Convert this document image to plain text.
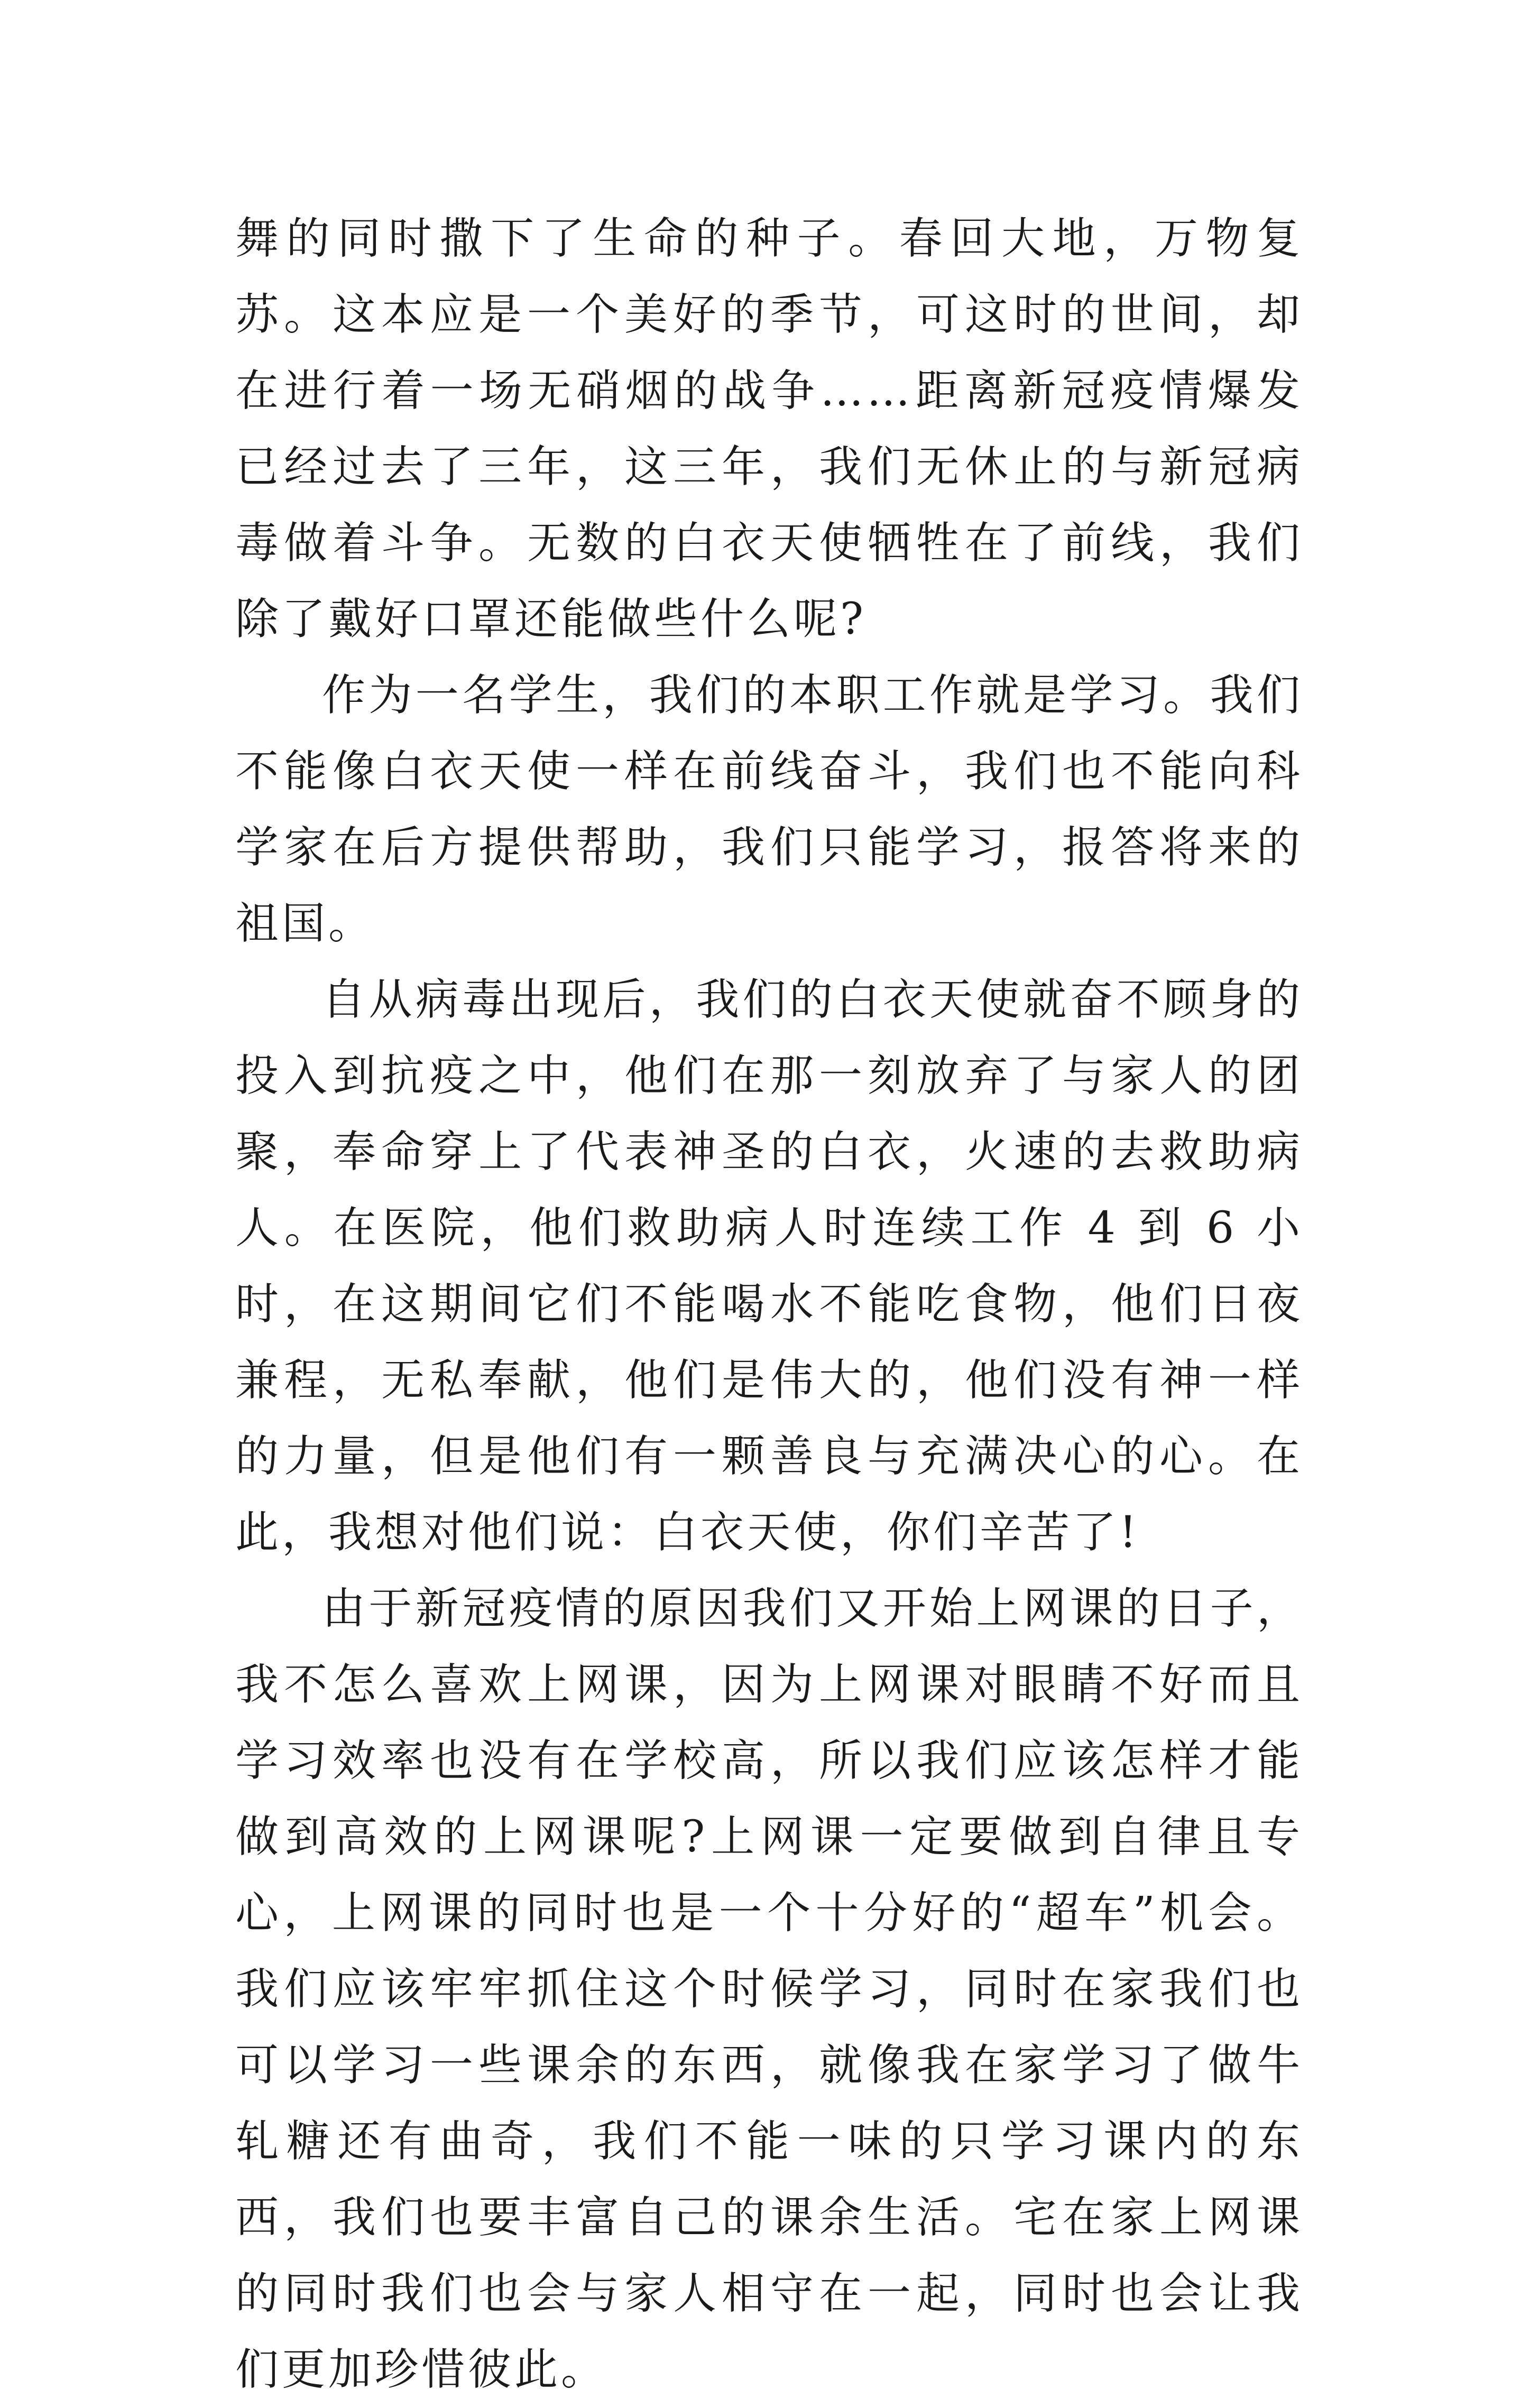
舞的同时撒下了生命的种子。春回大地，万物复苏。这本应是一个美好的季节，可这时的世间，却在进行着一场无硝烟的战争……距离新冠疫情爆发已经过去了三年，这三年，我们无休止的与新冠病毒做着斗争。无数的白衣天使牺牲在了前线，我们除了戴好口罩还能做些什么呢?

作为一名学生，我们的本职工作就是学习。我们不能像白衣天使一样在前线奋斗，我们也不能向科学家在后方提供帮助，我们只能学习，报答将来的祖国。

自从病毒出现后，我们的白衣天使就奋不顾身的投入到抗疫之中，他们在那一刻放弃了与家人的团聚，奉命穿上了代表神圣的白衣，火速的去救助病人。在医院，他们救助病人时连续工作 4 到 6 小时，在这期间它们不能喝水不能吃食物，他们日夜兼程，无私奉献，他们是伟大的，他们没有神一样的力量，但是他们有一颗善良与充满决心的心。在此，我想对他们说：白衣天使，你们辛苦了!

由于新冠疫情的原因我们又开始上网课的日子，我不怎么喜欢上网课，因为上网课对眼睛不好而且学习效率也没有在学校高，所以我们应该怎样才能做到高效的上网课呢?上网课一定要做到自律且专心，上网课的同时也是一个十分好的“超车”机会。我们应该牢牢抓住这个时候学习，同时在家我们也可以学习一些课余的东西，就像我在家学习了做牛轧糖还有曲奇，我们不能一味的只学习课内的东西，我们也要丰富自己的课余生活。宅在家上网课的同时我们也会与家人相守在一起，同时也会让我们更加珍惜彼此。
